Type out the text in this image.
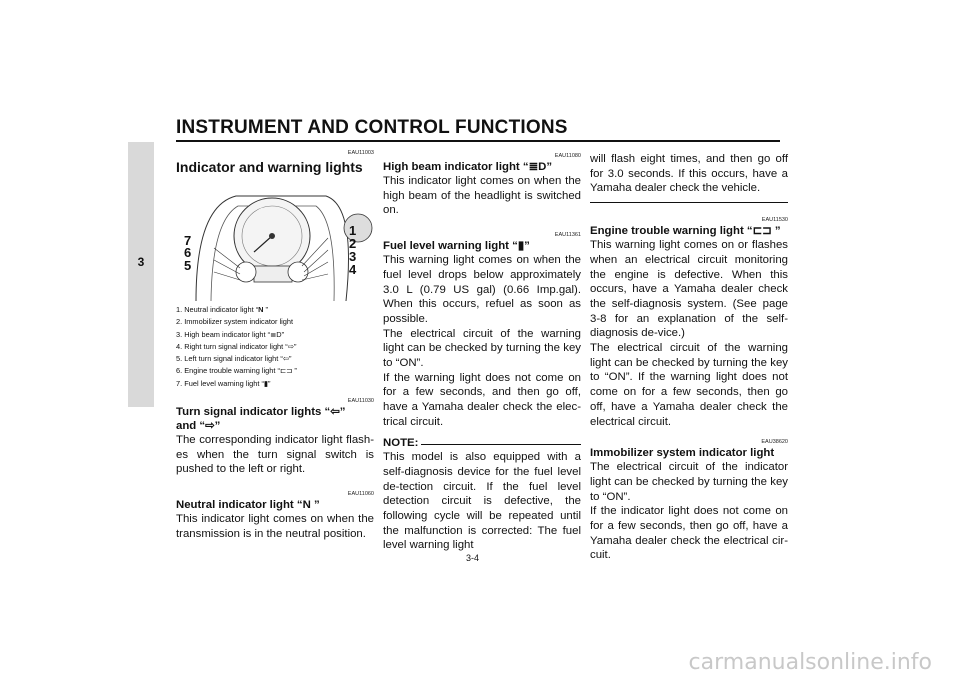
INSTRUMENT AND CONTROL FUNCTIONS
3
EAU11003
Indicator and warning lights
7
6
5
1
2
3
4
1. Neutral indicator light “N ”
2. Immobilizer system indicator light
3. High beam indicator light “≣D”
4. Right turn signal indicator light “⇨”
5. Left turn signal indicator light “⇦”
6. Engine trouble warning light “⊏⊐ ”
7. Fuel level warning light “▮”
EAU11030
Turn signal indicator lights “⇦”
and “⇨”

The corresponding indicator light flash-es when the turn signal switch is pushed to the left or right.

EAU11060
Neutral indicator light “N ”

This indicator light comes on when the transmission is in the neutral position.

EAU11080
High beam indicator light “≣D”

This indicator light comes on when the high beam of the headlight is switched on.

EAU11361
Fuel level warning light “▮”

This warning light comes on when the fuel level drops below approximately 3.0 L (0.79 US gal) (0.66 Imp.gal). When this occurs, refuel as soon as possible.

The electrical circuit of the warning light can be checked by turning the key to “ON”.

If the warning light does not come on for a few seconds, and then go off, have a Yamaha dealer check the elec-trical circuit.

NOTE:

This model is also equipped with a self-diagnosis device for the fuel level de-tection circuit. If the fuel level detection circuit is defective, the following cycle will be repeated until the malfunction is corrected: The fuel level warning light

will flash eight times, and then go off for 3.0 seconds. If this occurs, have a Yamaha dealer check the vehicle.

EAU11530
Engine trouble warning light “⊏⊐ ”

This warning light comes on or flashes when an electrical circuit monitoring the engine is defective. When this occurs, have a Yamaha dealer check the self-diagnosis system. (See page 3-8 for an explanation of the self-diagnosis de-vice.)

The electrical circuit of the warning light can be checked by turning the key to “ON”. If the warning light does not come on for a few seconds, then go off, have a Yamaha dealer check the electrical circuit.

EAU38620
Immobilizer system indicator light

The electrical circuit of the indicator light can be checked by turning the key to “ON”.

If the indicator light does not come on for a few seconds, then go off, have a Yamaha dealer check the electrical cir-cuit.

3-4
carmanualsonline.info
